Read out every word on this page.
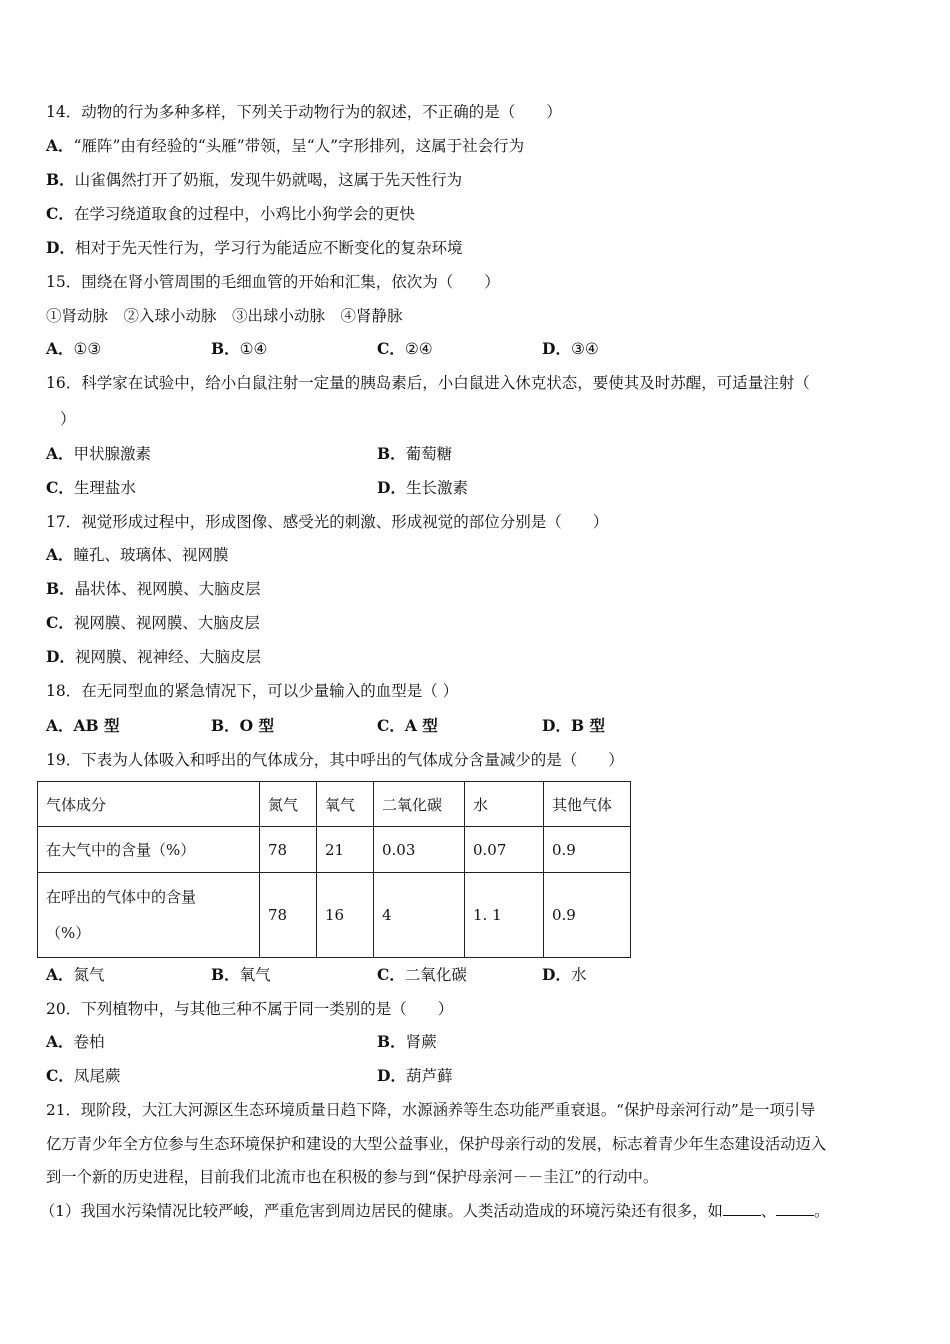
14．动物的行为多种多样，下列关于动物行为的叙述，不正确的是（　　）
A．“雁阵”由有经验的“头雁”带领，呈“人”字形排列，这属于社会行为
B．山雀偶然打开了奶瓶，发现牛奶就喝，这属于先天性行为
C．在学习绕道取食的过程中，小鸡比小狗学会的更快
D．相对于先天性行为，学习行为能适应不断变化的复杂环境
15．围绕在肾小管周围的毛细血管的开始和汇集，依次为（　　）
①肾动脉　②入球小动脉　③出球小动脉　④肾静脉
A．①③	B．①④	C．②④	D．③④
16．科学家在试验中，给小白鼠注射一定量的胰岛素后，小白鼠进入休克状态，要使其及时苏醒，可适量注射（
）
A．甲状腺激素	B．葡萄糖
C．生理盐水	D．生长激素
17．视觉形成过程中，形成图像、感受光的刺激、形成视觉的部位分别是（　　）
A．瞳孔、玻璃体、视网膜
B．晶状体、视网膜、大脑皮层
C．视网膜、视网膜、大脑皮层
D．视网膜、视神经、大脑皮层
18．在无同型血的紧急情况下，可以少量输入的血型是（ ）
A．AB 型	B．O 型	C．A 型	D．B 型
19．下表为人体吸入和呼出的气体成分，其中呼出的气体成分含量减少的是（　　）
气体成分	氮气	氧气	二氧化碳	水	其他气体
在大气中的含量（%）	78	21	0.03	0.07	0.9
在呼出的气体中的含量
（%）	78	16	4	1. 1	0.9
A．氮气	B．氧气	C．二氧化碳	D．水
20．下列植物中，与其他三种不属于同一类别的是（　　）
A．卷柏	B．肾蕨
C．凤尾蕨	D．葫芦藓
21．现阶段，大江大河源区生态环境质量日趋下降，水源涵养等生态功能严重衰退。“保护母亲河行动”是一项引导
亿万青少年全方位参与生态环境保护和建设的大型公益事业，保护母亲行动的发展，标志着青少年生态建设活动迈入
到一个新的历史进程，目前我们北流市也在积极的参与到“保护母亲河－－圭江”的行动中。
（1）我国水污染情况比较严峻，严重危害到周边居民的健康。人类活动造成的环境污染还有很多，如 、 。
